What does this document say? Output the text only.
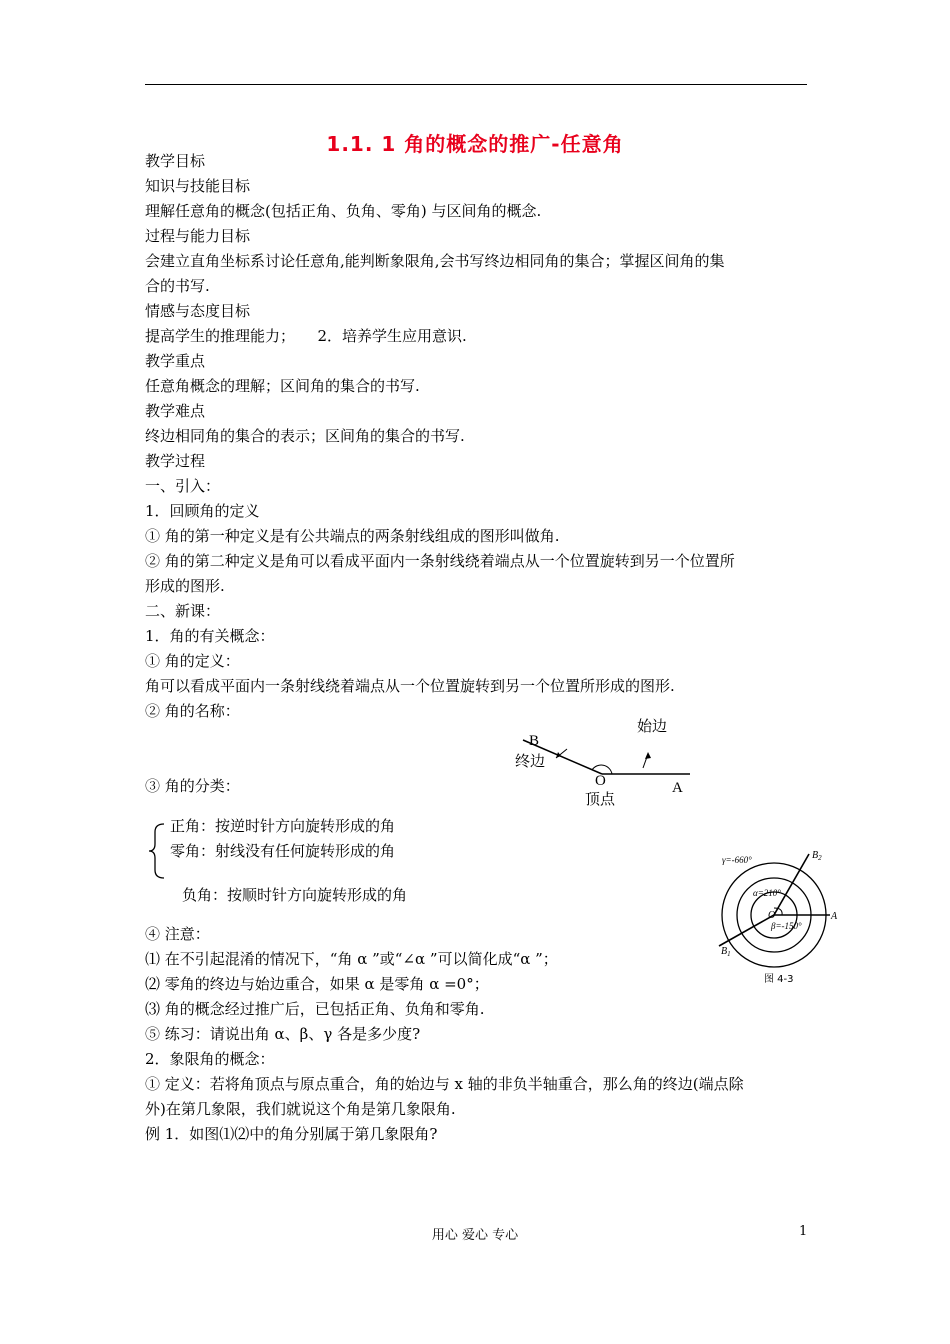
1.1. 1 角的概念的推广-任意角
教学目标
知识与技能目标
理解任意角的概念(包括正角、负角、零角) 与区间角的概念.
过程与能力目标
会建立直角坐标系讨论任意角,能判断象限角,会书写终边相同角的集合；掌握区间角的集
合的书写.
情感与态度目标
提高学生的推理能力；　　2．培养学生应用意识.
教学重点
任意角概念的理解；区间角的集合的书写.
教学难点
终边相同角的集合的表示；区间角的集合的书写.
教学过程
一、引入：
1．回顾角的定义
① 角的第一种定义是有公共端点的两条射线组成的图形叫做角.
② 角的第二种定义是角可以看成平面内一条射线绕着端点从一个位置旋转到另一个位置所
形成的图形.
二、新课：
1．角的有关概念：
① 角的定义：
角可以看成平面内一条射线绕着端点从一个位置旋转到另一个位置所形成的图形.
② 角的名称：
B
终边
始边
O	A
顶点
③ 角的分类：
正角：按逆时针方向旋转形成的角
零角：射线没有任何旋转形成的角
负角：按顺时针方向旋转形成的角
γ=-660°
α=210°
β=-150°
O	A
$B_2$
$B_1$
图 4-3
④ 注意：
⑴ 在不引起混淆的情况下，“角 α ”或“∠α ”可以简化成“α ”；
⑵ 零角的终边与始边重合，如果 α 是零角 α =0°；
⑶ 角的概念经过推广后，已包括正角、负角和零角.
⑤ 练习：请说出角 α、β、γ 各是多少度?
2．象限角的概念：
① 定义：若将角顶点与原点重合，角的始边与 x 轴的非负半轴重合，那么角的终边(端点除
外)在第几象限，我们就说这个角是第几象限角.
例 1．如图⑴⑵中的角分别属于第几象限角?
用心 爱心 专心	1
